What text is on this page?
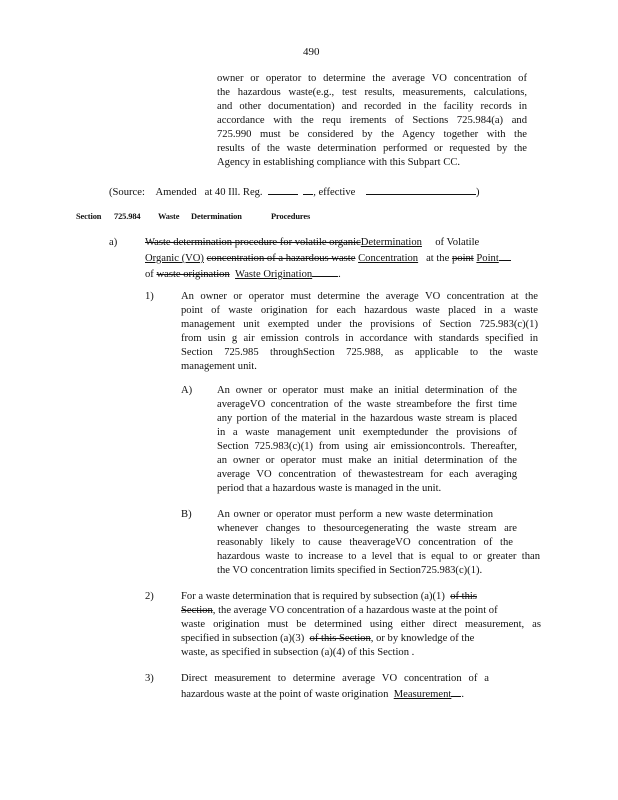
490
owner or operator to determine the average VO concentration of
the hazardous waste(e.g., test results, measurements, calculations,
and other documentation) and recorded in the facility records in
accordance with the requ irements of Sections 725.984(a) and
725.990 must be considered by the Agency together with the
results of the waste determination performed or requested by the
Agency in establishing compliance with this Subpart CC.
(Source: Amended at 40 Ill. Reg.	, effective	)
Section 725.984 Waste Determination	Procedures
a)	Waste determination procedure for volatile organicDetermination of Volatile
Organic (VO) concentration of a hazardous waste Concentration at the point Point
of waste origination Waste Origination .
1)	An owner or operator must determine the average VO concentration at the
point of waste origination for each hazardous waste placed in a waste
management unit exempted under the provisions of Section 725.983(c)(1)
from usin g air emission controls in accordance with standards specified in
Section 725.985 throughSection 725.988, as applicable to the waste
management unit.
A) An owner or operator must make an initial determination of the
averageVO concentration of the waste streambefore the first time
any portion of the material in the hazardous waste stream is placed
in a waste management unit exemptedunder the provisions of
Section 725.983(c)(1) from using air emissioncontrols. Thereafter,
an owner or operator must make an initial determination of the
average VO concentration of thewastestream for each averaging
period that a hazardous waste is managed in the unit.
B) An owner or operator must perform a new waste determination
whenever changes to thesourcegenerating the waste stream are
reasonably likely to cause theaverageVO concentration of the
hazardous waste to increase to a level that is equal to or greater than
the VO concentration limits specified in Section725.983(c)(1).
2)	For a waste determination that is required by subsection (a)(1) of this
Section, the average VO concentration of a hazardous waste at the point of
waste origination must be determined using either direct measurement, as
specified in subsection (a)(3) of this Section, or by knowledge of the
waste, as specified in subsection (a)(4) of this Section .
3)	Direct measurement to determine average VO concentration of a
hazardous waste at the point of waste origination Measurement .
